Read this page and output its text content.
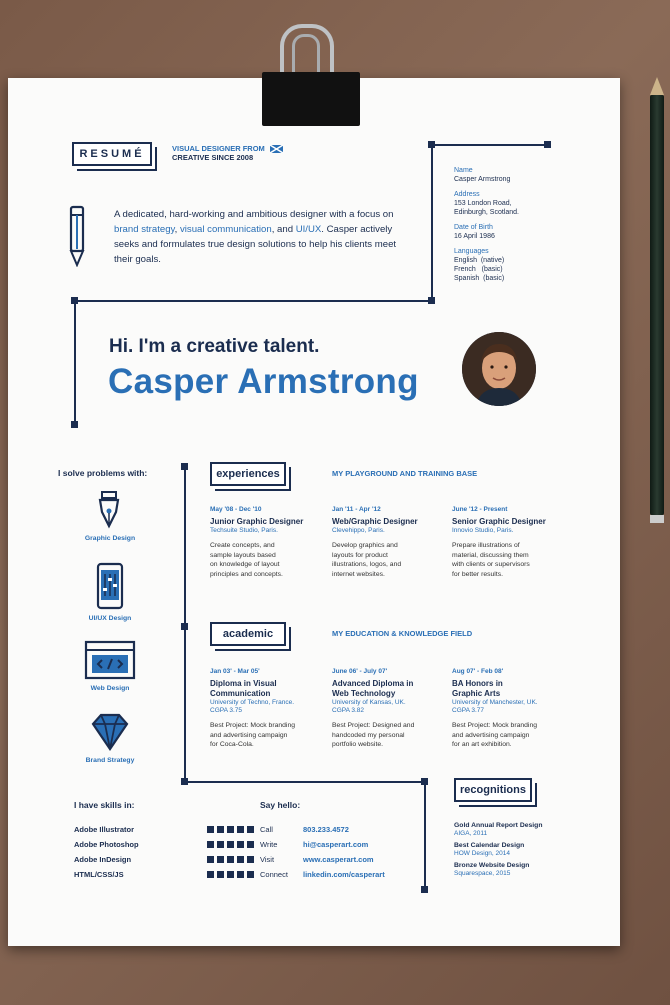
RESUMÉ	VISUAL DESIGNER FROM
CREATIVE SINCE 2008
A dedicated, hard-working and ambitious designer with a focus on brand strategy, visual communication, and UI/UX. Casper actively seeks and formulates true design solutions to help his clients meet their goals.
Name
Casper Armstrong
Address
153 London Road,
Edinburgh, Scotland.
Date of Birth
16 April 1986
Languages
English  (native)
French   (basic)
Spanish  (basic)
Hi. I'm a creative talent.
Casper Armstrong
I solve problems with:
Graphic Design
UI/UX Design
Web Design
Brand Strategy
experiences	MY PLAYGROUND AND TRAINING BASE
May '08 - Dec '10
Junior Graphic Designer
Techsuite Studio, Paris.
Create concepts, and
sample layouts based
on knowledge of layout
principles and concepts.
Jan '11 - Apr '12
Web/Graphic Designer
Clevehippo, Paris.
Develop graphics and
layouts for product
illustrations, logos, and
internet websites.
June '12 - Present
Senior Graphic Designer
Innovio Studio, Paris.
Prepare illustrations of
material, discussing them
with clients or supervisors
for better results.
academic	MY EDUCATION & KNOWLEDGE FIELD
Jan 03' - Mar 05'
Diploma in Visual
Communication
University of Techno, France.
CGPA 3.75
Best Project: Mock branding
and advertising campaign
for Coca-Cola.
June 06' - July 07'
Advanced Diploma in
Web Technology
University of Kansas, UK.
CGPA 3.82
Best Project: Designed and
handcoded my personal
portfolio website.
Aug 07' - Feb 08'
BA Honors in
Graphic Arts
University of Manchester, UK.
CGPA 3.77
Best Project: Mock branding
and advertising campaign
for an art exhibition.
I have skills in:
Adobe Illustrator
Adobe Photoshop
Adobe InDesign
HTML/CSS/JS
Say hello:
Call	803.233.4572
Write	hi@casperart.com
Visit	www.casperart.com
Connect	linkedin.com/casperart
recognitions
Gold Annual Report Design
AIGA, 2011
Best Calendar Design
HOW Design, 2014
Bronze Website Design
Squarespace, 2015
